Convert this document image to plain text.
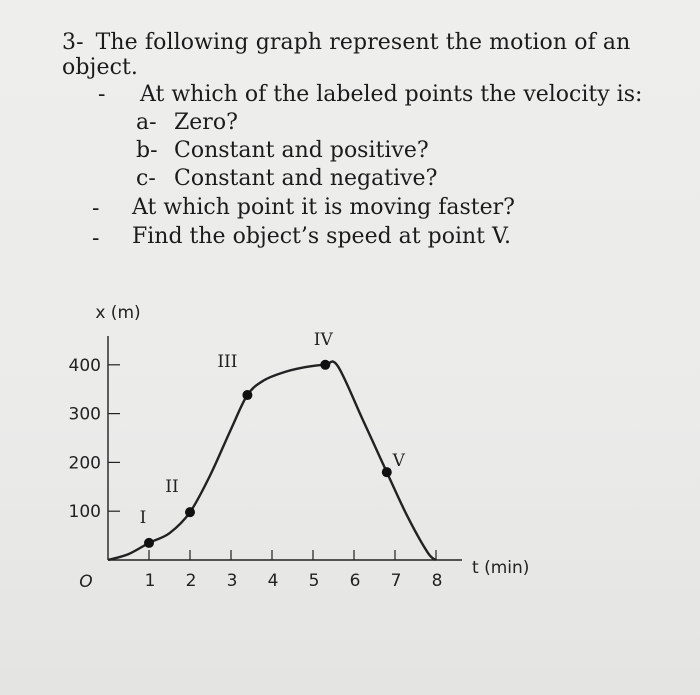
3- The following graph represent the motion of an object.
- At which of the labeled points the velocity is:
a- Zero?
b- Constant and positive?
c- Constant and negative?
- At which point it is moving faster?
- Find the object’s speed at point V.
1 2 3 4 5 6 7 8
100
200
300
400
O
x (m)
t (min)
I
II
III
IV
V
